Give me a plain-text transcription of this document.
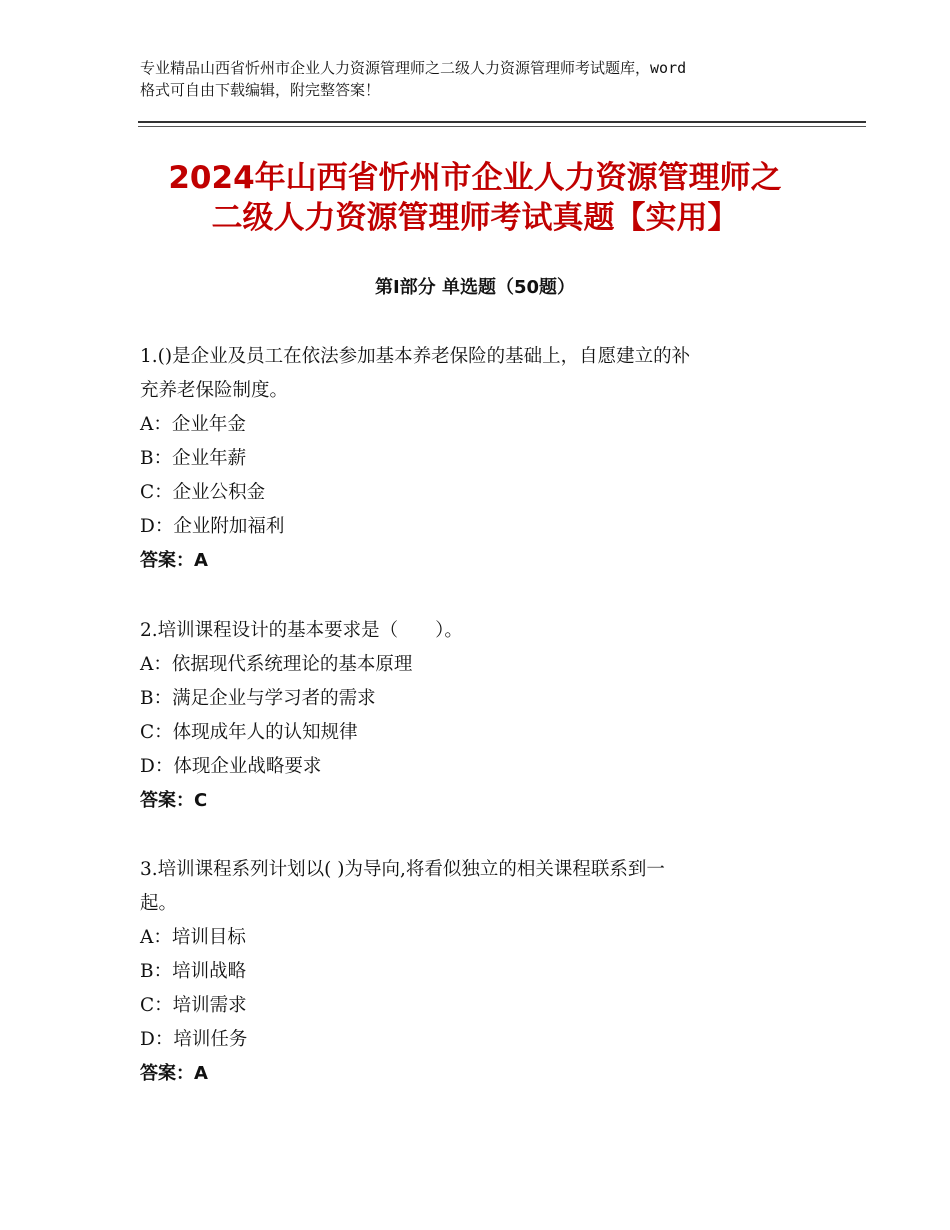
专业精品山西省忻州市企业人力资源管理师之二级人力资源管理师考试题库，word
格式可自由下载编辑，附完整答案！
2024年山西省忻州市企业人力资源管理师之
二级人力资源管理师考试真题【实用】
第Ⅰ部分 单选题（50题）

1.()是企业及员工在依法参加基本养老保险的基础上，自愿建立的补

充养老保险制度。

A：企业年金

B：企业年薪

C：企业公积金

D：企业附加福利

答案：A

2.培训课程设计的基本要求是（　　）。

A：依据现代系统理论的基本原理

B：满足企业与学习者的需求

C：体现成年人的认知规律

D：体现企业战略要求

答案：C

3.培训课程系列计划以( )为导向,将看似独立的相关课程联系到一

起。

A：培训目标

B：培训战略

C：培训需求

D：培训任务

答案：A
